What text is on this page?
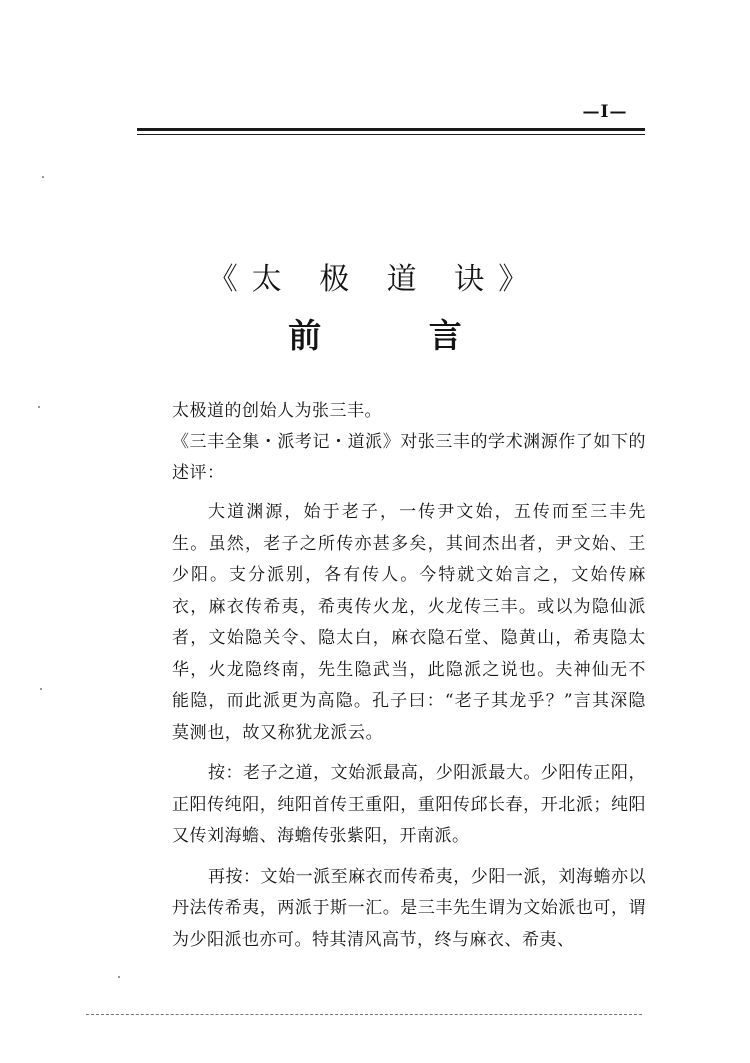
—I—
《太 极 道 诀》
前 言

太极道的创始人为张三丰。

《三丰全集・派考记・道派》对张三丰的学术渊源作了如下的述评：

大道渊源，始于老子，一传尹文始，五传而至三丰先生。虽然，老子之所传亦甚多矣，其间杰出者，尹文始、王少阳。支分派别，各有传人。今特就文始言之，文始传麻衣，麻衣传希夷，希夷传火龙，火龙传三丰。或以为隐仙派者，文始隐关令、隐太白，麻衣隐石堂、隐黄山，希夷隐太华，火龙隐终南，先生隐武当，此隐派之说也。夫神仙无不能隐，而此派更为高隐。孔子曰：“老子其龙乎？”言其深隐莫测也，故又称犹龙派云。

按：老子之道，文始派最高，少阳派最大。少阳传正阳，正阳传纯阳，纯阳首传王重阳，重阳传邱长春，开北派；纯阳又传刘海蟾、海蟾传张紫阳，开南派。

再按：文始一派至麻衣而传希夷，少阳一派，刘海蟾亦以丹法传希夷，两派于斯一汇。是三丰先生谓为文始派也可，谓为少阳派也亦可。特其清风高节，终与麻衣、希夷、
